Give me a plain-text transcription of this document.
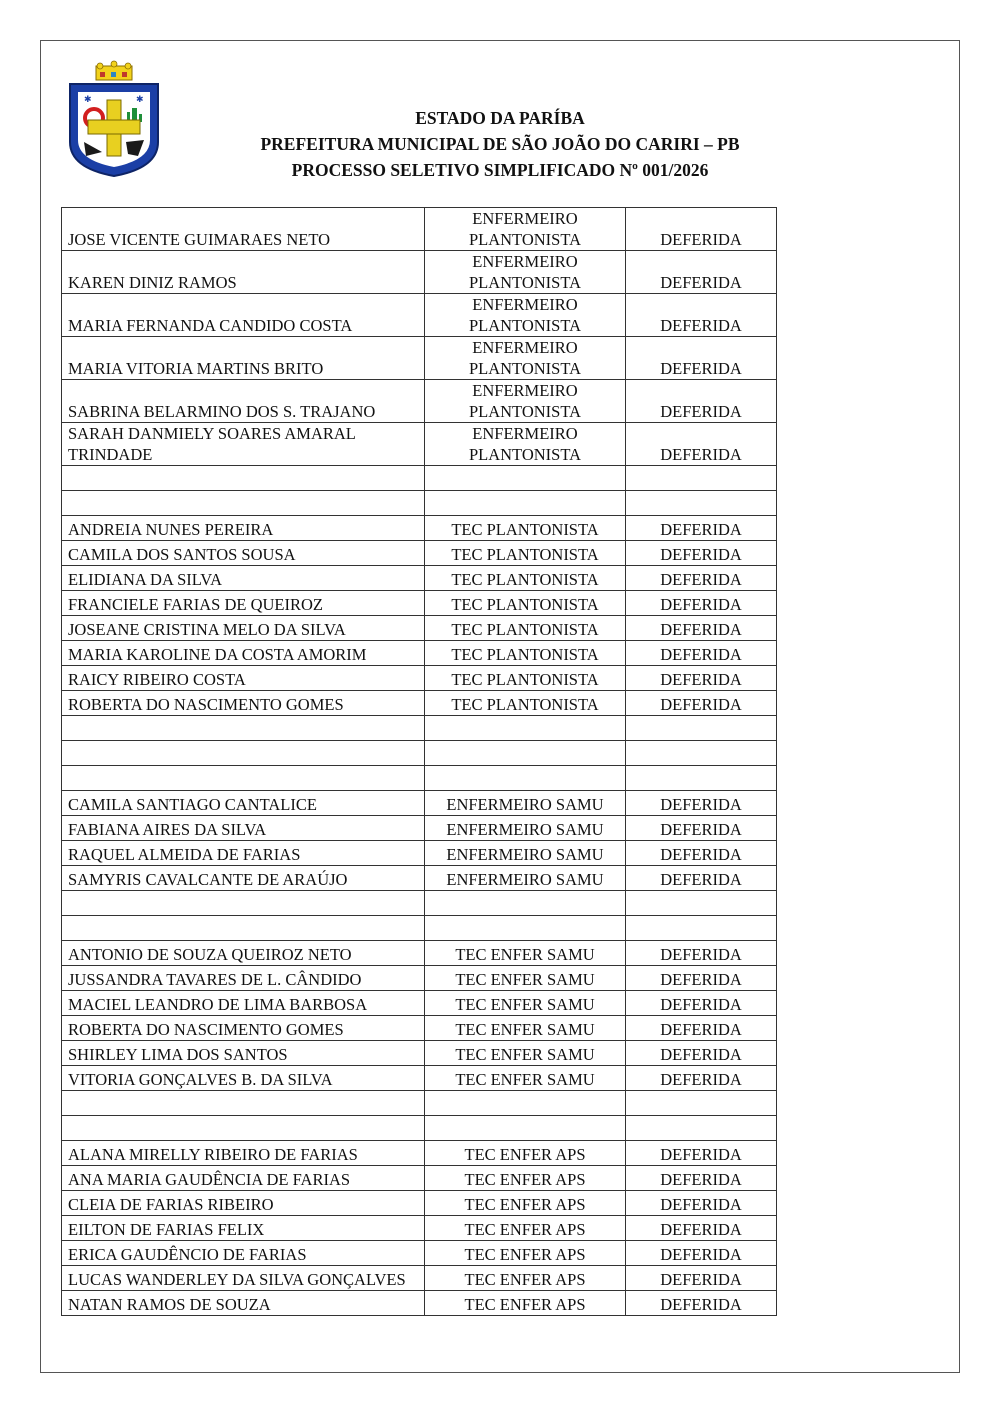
✱	✱
ESTADO DA PARÍBA
PREFEITURA MUNICIPAL DE SÃO JOÃO DO CARIRI – PB
PROCESSO SELETIVO SIMPLIFICADO Nº 001/2026
JOSE VICENTE GUIMARAES NETO	ENFERMEIRO PLANTONISTA	DEFERIDA
KAREN DINIZ RAMOS	ENFERMEIRO PLANTONISTA	DEFERIDA
MARIA FERNANDA CANDIDO COSTA	ENFERMEIRO PLANTONISTA	DEFERIDA
MARIA VITORIA MARTINS BRITO	ENFERMEIRO PLANTONISTA	DEFERIDA
SABRINA BELARMINO DOS S. TRAJANO	ENFERMEIRO PLANTONISTA	DEFERIDA
SARAH DANMIELY SOARES AMARAL TRINDADE	ENFERMEIRO PLANTONISTA	DEFERIDA

ANDREIA NUNES PEREIRA	TEC PLANTONISTA	DEFERIDA
CAMILA DOS SANTOS SOUSA	TEC PLANTONISTA	DEFERIDA
ELIDIANA DA SILVA	TEC PLANTONISTA	DEFERIDA
FRANCIELE FARIAS DE QUEIROZ	TEC PLANTONISTA	DEFERIDA
JOSEANE CRISTINA MELO DA SILVA	TEC PLANTONISTA	DEFERIDA
MARIA KAROLINE DA COSTA AMORIM	TEC PLANTONISTA	DEFERIDA
RAICY RIBEIRO COSTA	TEC PLANTONISTA	DEFERIDA
ROBERTA DO NASCIMENTO GOMES	TEC PLANTONISTA	DEFERIDA

CAMILA SANTIAGO CANTALICE	ENFERMEIRO SAMU	DEFERIDA
FABIANA AIRES DA SILVA	ENFERMEIRO SAMU	DEFERIDA
RAQUEL ALMEIDA DE FARIAS	ENFERMEIRO SAMU	DEFERIDA
SAMYRIS CAVALCANTE DE ARAÚJO	ENFERMEIRO SAMU	DEFERIDA

ANTONIO DE SOUZA QUEIROZ NETO	TEC ENFER SAMU	DEFERIDA
JUSSANDRA TAVARES DE L. CÂNDIDO	TEC ENFER SAMU	DEFERIDA
MACIEL LEANDRO DE LIMA BARBOSA	TEC ENFER SAMU	DEFERIDA
ROBERTA DO NASCIMENTO GOMES	TEC ENFER SAMU	DEFERIDA
SHIRLEY LIMA DOS SANTOS	TEC ENFER SAMU	DEFERIDA
VITORIA GONÇALVES B. DA SILVA	TEC ENFER SAMU	DEFERIDA

ALANA MIRELLY RIBEIRO DE FARIAS	TEC ENFER APS	DEFERIDA
ANA MARIA GAUDÊNCIA DE FARIAS	TEC ENFER APS	DEFERIDA
CLEIA DE FARIAS RIBEIRO	TEC ENFER APS	DEFERIDA
EILTON DE FARIAS FELIX	TEC ENFER APS	DEFERIDA
ERICA GAUDÊNCIO DE FARIAS	TEC ENFER APS	DEFERIDA
LUCAS WANDERLEY DA SILVA GONÇALVES	TEC ENFER APS	DEFERIDA
NATAN RAMOS DE SOUZA	TEC ENFER APS	DEFERIDA
